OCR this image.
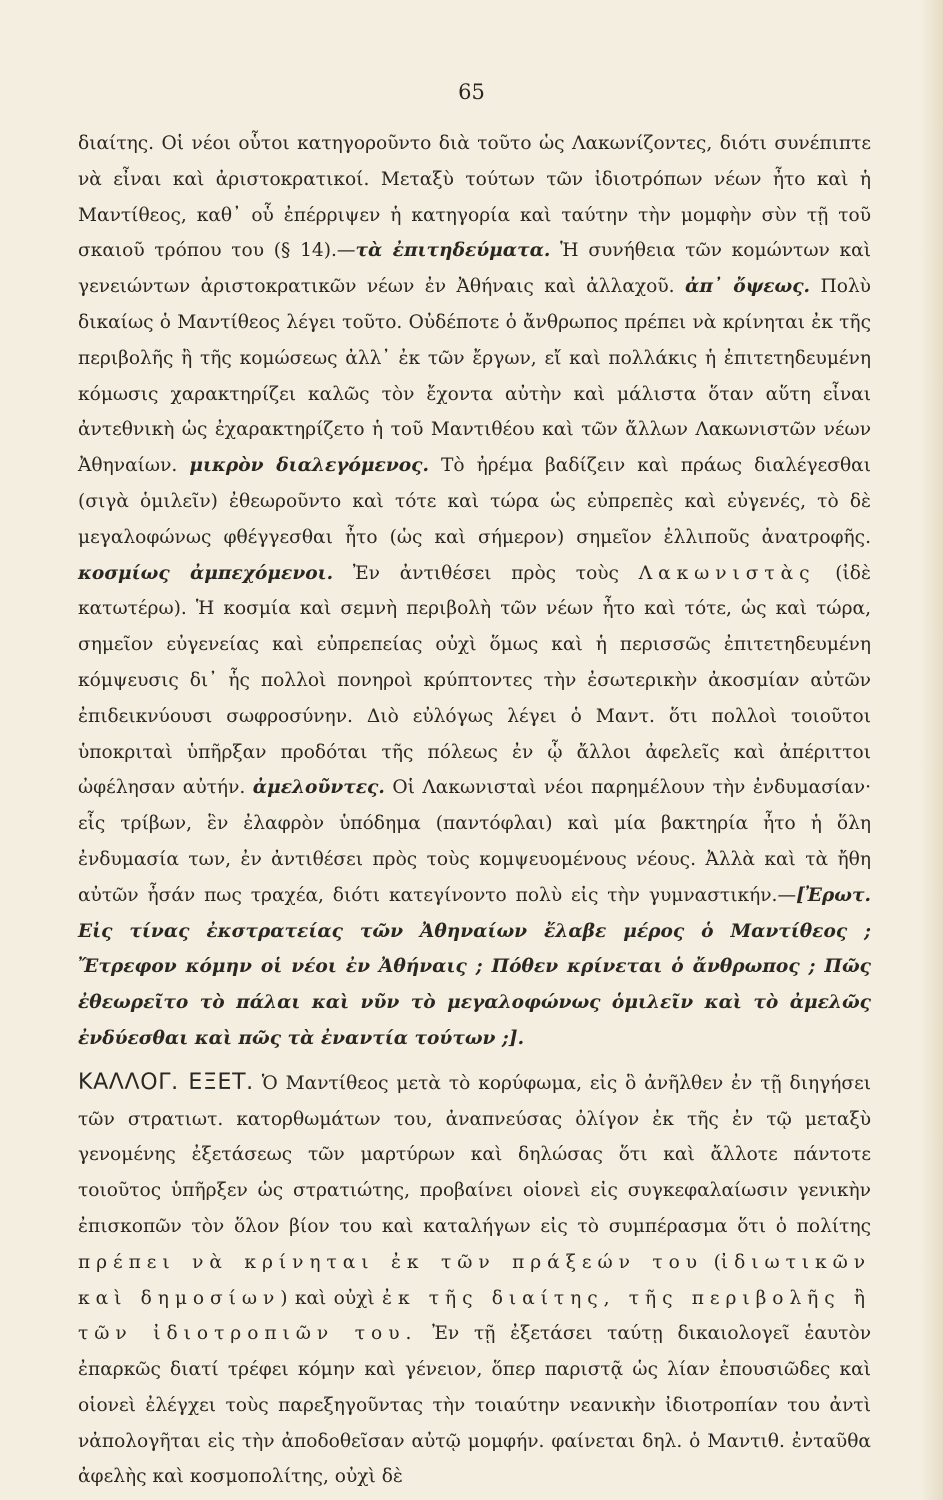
65

διαίτης. Οἱ νέοι οὗτοι κατηγοροῦντο διὰ τοῦτο ὡς Λακωνίζοντες, διότι συνέπιπτε νὰ εἶναι καὶ ἀριστοκρατικοί. Μεταξὺ τούτων τῶν ἰδιοτρόπων νέων ἦτο καὶ ἡ Μαντίθεος, καθ᾿ οὗ ἐπέρριψεν ἡ κατηγορία καὶ ταύτην τὴν μομφὴν σὺν τῇ τοῦ σκαιοῦ τρόπου του (§ 14).—τὰ ἐπιτηδεύματα. Ἡ συνήθεια τῶν κομώντων καὶ γενειώντων ἀριστοκρατικῶν νέων ἐν Ἀθήναις καὶ ἀλλαχοῦ. ἀπ᾿ ὄψεως. Πολὺ δικαίως ὁ Μαντίθεος λέγει τοῦτο. Οὐδέποτε ὁ ἄνθρωπος πρέπει νὰ κρίνηται ἐκ τῆς περιβολῆς ἢ τῆς κομώσεως ἀλλ᾿ ἐκ τῶν ἔργων, εἴ καὶ πολλάκις ἡ ἐπιτετηδευμένη κόμωσις χαρακτηρίζει καλῶς τὸν ἔχοντα αὐτὴν καὶ μάλιστα ὅταν αὕτη εἶναι ἀντεθνικὴ ὡς ἐχαρακτηρίζετο ἡ τοῦ Μαντιθέου καὶ τῶν ἄλλων Λακωνιστῶν νέων Ἀθηναίων. μικρὸν διαλεγόμενος. Τὸ ἠρέμα βαδίζειν καὶ πράως διαλέγεσθαι (σιγὰ ὁμιλεῖν) ἐθεωροῦντο καὶ τότε καὶ τώρα ὡς εὐπρεπὲς καὶ εὐγενές, τὸ δὲ μεγαλοφώνως φθέγγεσθαι ἦτο (ὡς καὶ σήμερον) σημεῖον ἐλλιποῦς ἀνατροφῆς. κοσμίως ἀμπεχόμενοι. Ἐν ἀντιθέσει πρὸς τοὺς Λακωνιστὰς (ἰδὲ κατωτέρω). Ἡ κοσμία καὶ σεμνὴ περιβολὴ τῶν νέων ἦτο καὶ τότε, ὡς καὶ τώρα, σημεῖον εὐγενείας καὶ εὐπρεπείας οὐχὶ ὅμως καὶ ἡ περισσῶς ἐπιτετηδευμένη κόμψευσις δι᾿ ἧς πολλοὶ πονηροὶ κρύπτοντες τὴν ἐσωτερικὴν ἀκοσμίαν αὐτῶν ἐπιδεικνύουσι σωφροσύνην. Διὸ εὐλόγως λέγει ὁ Μαντ. ὅτι πολλοὶ τοιοῦτοι ὑποκριταὶ ὑπῆρξαν προδόται τῆς πόλεως ἐν ᾧ ἄλλοι ἀφελεῖς καὶ ἀπέριττοι ὠφέλησαν αὐτήν. ἀμελοῦντες. Οἱ Λακωνισταὶ νέοι παρημέλουν τὴν ἐνδυμασίαν· εἷς τρίβων, ἓν ἐλαφρὸν ὑπόδημα (παντόφλαι) καὶ μία βακτηρία ἦτο ἡ ὅλη ἐνδυμασία των, ἐν ἀντιθέσει πρὸς τοὺς κομψευομένους νέους. Ἀλλὰ καὶ τὰ ἤθη αὐτῶν ἦσάν πως τραχέα, διότι κατεγίνοντο πολὺ εἰς τὴν γυμναστικήν.—[Ἐρωτ. Εἰς τίνας ἐκστρατείας τῶν Ἀθηναίων ἔλαβε μέρος ὁ Μαντίθεος ; Ἔτρεφον κόμην οἱ νέοι ἐν Ἀθήναις ; Πόθεν κρίνεται ὁ ἄνθρωπος ; Πῶς ἐθεωρεῖτο τὸ πάλαι καὶ νῦν τὸ μεγαλοφώνως ὁμιλεῖν καὶ τὸ ἀμελῶς ἐνδύεσθαι καὶ πῶς τὰ ἐναντία τούτων ;].

ΚΑΛΛΟΓ. ΕΞΕΤ. Ὁ Μαντίθεος μετὰ τὸ κορύφωμα, εἰς ὃ ἀνῆλθεν ἐν τῇ διηγήσει τῶν στρατιωτ. κατορθωμάτων του, ἀναπνεύσας ὀλίγον ἐκ τῆς ἐν τῷ μεταξὺ γενομένης ἐξετάσεως τῶν μαρτύρων καὶ δηλώσας ὅτι καὶ ἄλλοτε πάντοτε τοιοῦτος ὑπῆρξεν ὡς στρατιώτης, προβαίνει οἱονεὶ εἰς συγκεφαλαίωσιν γενικὴν ἐπισκοπῶν τὸν ὅλον βίον του καὶ καταλήγων εἰς τὸ συμπέρασμα ὅτι ὁ πολίτης πρέπει νὰ κρίνηται ἐκ τῶν πράξεών του (ἰδιωτικῶν καὶ δημοσίων) καὶ οὐχὶ ἐκ τῆς διαίτης, τῆς περιβολῆς ἢ τῶν ἰδιοτροπιῶν του. Ἐν τῇ ἐξετάσει ταύτῃ δικαιολογεῖ ἑαυτὸν ἐπαρκῶς διατί τρέφει κόμην καὶ γένειον, ὅπερ παριστᾷ ὡς λίαν ἐπουσιῶδες καὶ οἱονεὶ ἐλέγχει τοὺς παρεξηγοῦντας τὴν τοιαύτην νεανικὴν ἰδιοτροπίαν του ἀντὶ νἀπολογῆται εἰς τὴν ἀποδοθεῖσαν αὐτῷ μομφήν. φαίνεται δηλ. ὁ Μαντιθ. ἐνταῦθα ἀφελὴς καὶ κοσμοπολίτης, οὐχὶ δὲ
